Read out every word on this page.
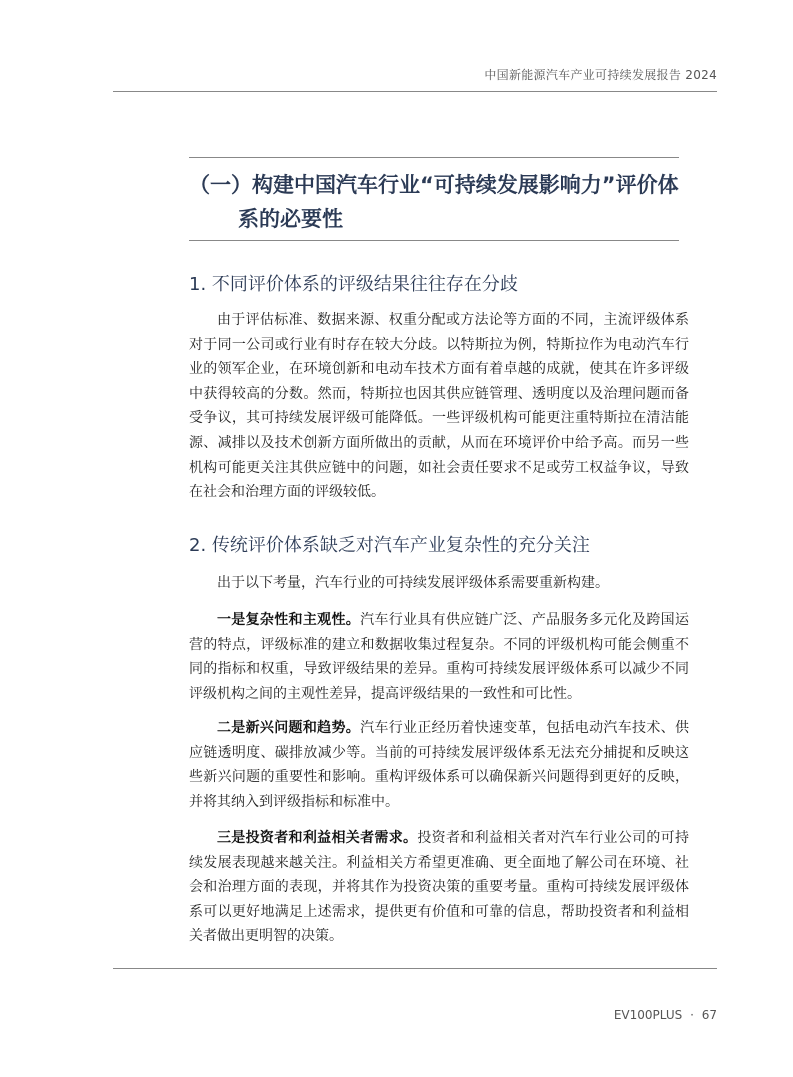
中国新能源汽车产业可持续发展报告 2024
（一）构建中国汽车行业“可持续发展影响力”评价体
系的必要性
1. 不同评价体系的评级结果往往存在分歧
由于评估标准、数据来源、权重分配或方法论等方面的不同，主流评级体系
对于同一公司或行业有时存在较大分歧。以特斯拉为例，特斯拉作为电动汽车行
业的领军企业，在环境创新和电动车技术方面有着卓越的成就，使其在许多评级
中获得较高的分数。然而，特斯拉也因其供应链管理、透明度以及治理问题而备
受争议，其可持续发展评级可能降低。一些评级机构可能更注重特斯拉在清洁能
源、减排以及技术创新方面所做出的贡献，从而在环境评价中给予高。而另一些
机构可能更关注其供应链中的问题，如社会责任要求不足或劳工权益争议，导致
在社会和治理方面的评级较低。
2. 传统评价体系缺乏对汽车产业复杂性的充分关注
出于以下考量，汽车行业的可持续发展评级体系需要重新构建。
一是复杂性和主观性。汽车行业具有供应链广泛、产品服务多元化及跨国运
营的特点，评级标准的建立和数据收集过程复杂。不同的评级机构可能会侧重不
同的指标和权重，导致评级结果的差异。重构可持续发展评级体系可以减少不同
评级机构之间的主观性差异，提高评级结果的一致性和可比性。
二是新兴问题和趋势。汽车行业正经历着快速变革，包括电动汽车技术、供
应链透明度、碳排放减少等。当前的可持续发展评级体系无法充分捕捉和反映这
些新兴问题的重要性和影响。重构评级体系可以确保新兴问题得到更好的反映，
并将其纳入到评级指标和标准中。
三是投资者和利益相关者需求。投资者和利益相关者对汽车行业公司的可持
续发展表现越来越关注。利益相关方希望更准确、更全面地了解公司在环境、社
会和治理方面的表现，并将其作为投资决策的重要考量。重构可持续发展评级体
系可以更好地满足上述需求，提供更有价值和可靠的信息，帮助投资者和利益相
关者做出更明智的决策。
EV100PLUS · 67
